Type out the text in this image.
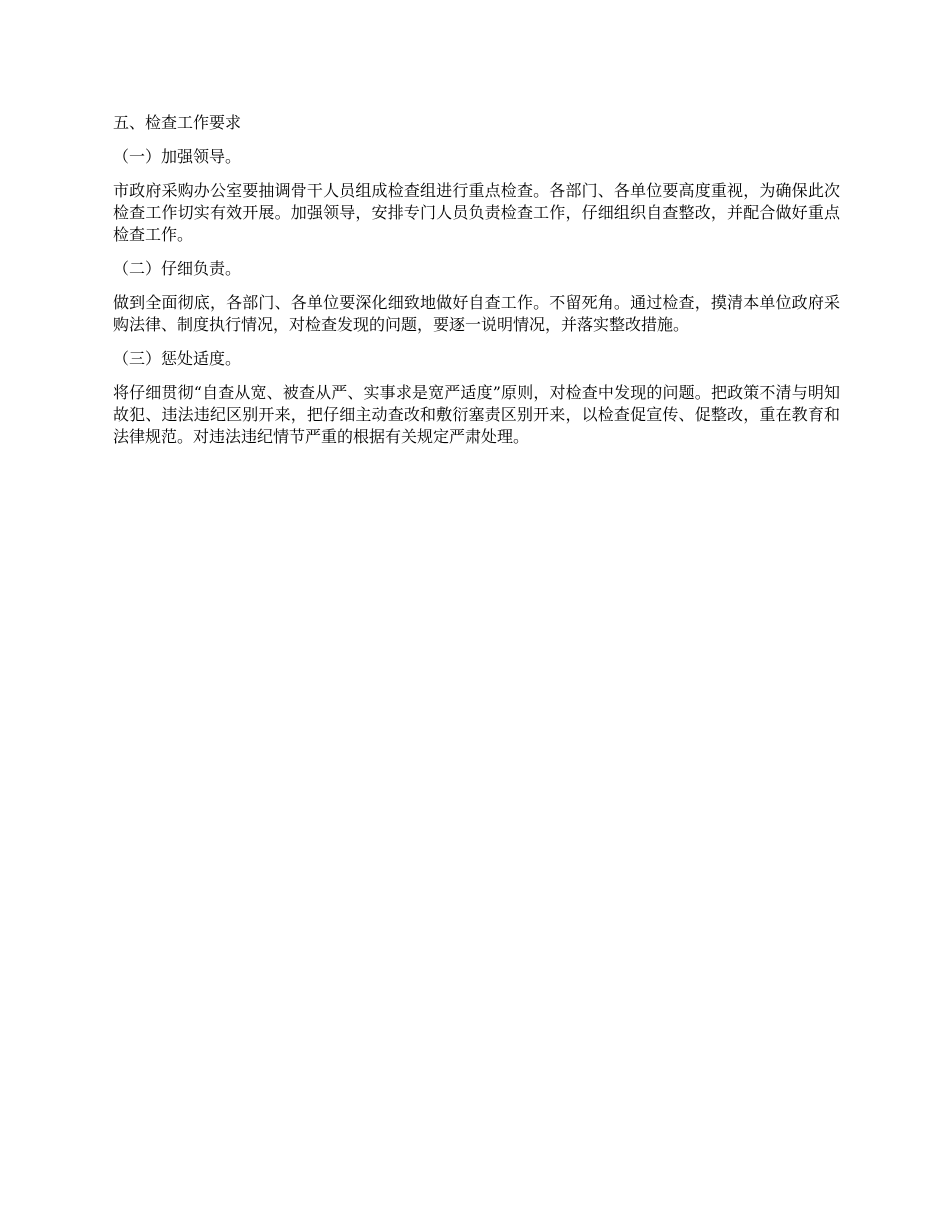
五、检查工作要求

（一）加强领导。

市政府采购办公室要抽调骨干人员组成检查组进行重点检查。各部门、各单位要高度重视，为确保此次检查工作切实有效开展。加强领导，安排专门人员负责检查工作，仔细组织自查整改，并配合做好重点检查工作。

（二）仔细负责。

做到全面彻底，各部门、各单位要深化细致地做好自查工作。不留死角。通过检查，摸清本单位政府采购法律、制度执行情况，对检查发现的问题，要逐一说明情况，并落实整改措施。

（三）惩处适度。

将仔细贯彻“自查从宽、被查从严、实事求是宽严适度”原则，对检查中发现的问题。把政策不清与明知故犯、违法违纪区别开来，把仔细主动查改和敷衍塞责区别开来，以检查促宣传、促整改，重在教育和法律规范。对违法违纪情节严重的根据有关规定严肃处理。
